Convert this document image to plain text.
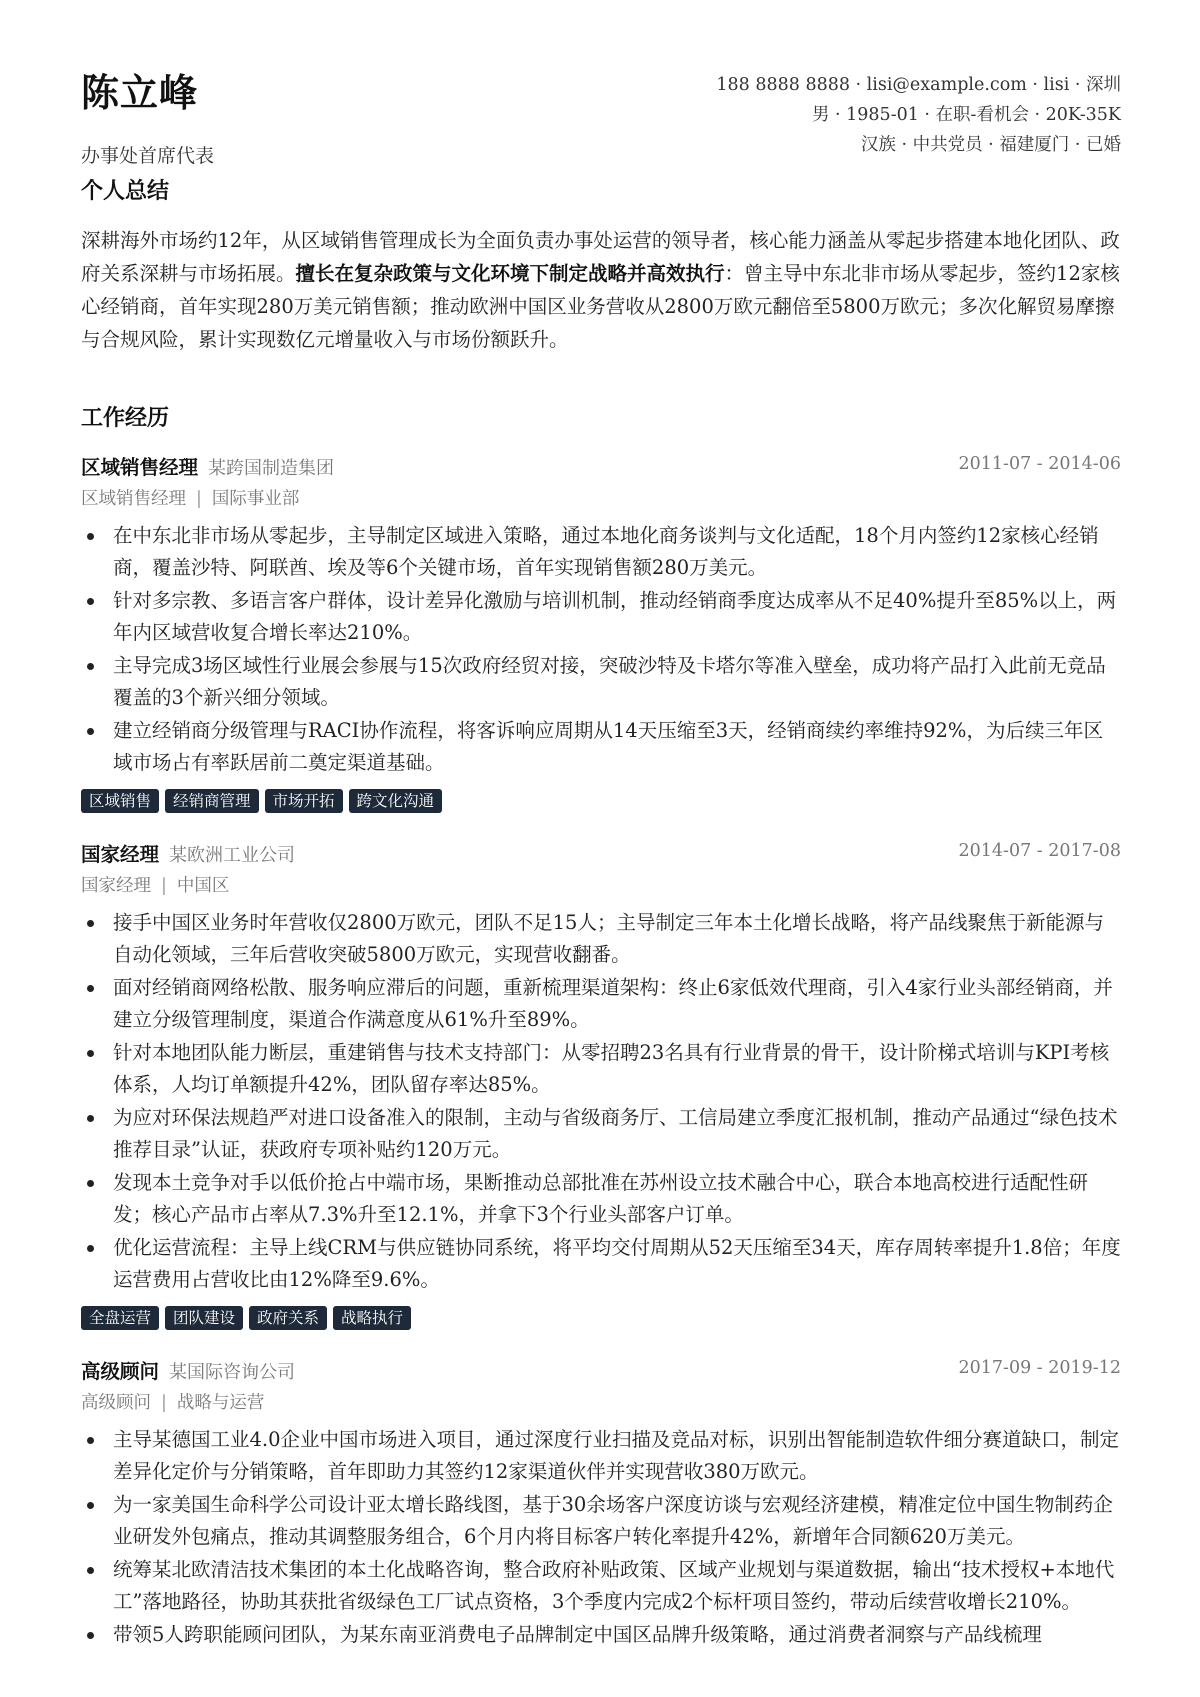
陈立峰
办事处首席代表
188 8888 8888 · lisi@example.com · lisi · 深圳
男 · 1985-01 · 在职-看机会 · 20K-35K
汉族 · 中共党员 · 福建厦门 · 已婚
个人总结

深耕海外市场约12年，从区域销售管理成长为全面负责办事处运营的领导者，核心能力涵盖从零起步搭建本地化团队、政府关系深耕与市场拓展。擅长在复杂政策与文化环境下制定战略并高效执行：曾主导中东北非市场从零起步，签约12家核心经销商，首年实现280万美元销售额；推动欧洲中国区业务营收从2800万欧元翻倍至5800万欧元；多次化解贸易摩擦与合规风险，累计实现数亿元增量收入与市场份额跃升。

工作经历
区域销售经理 某跨国制造集团	2011-07 - 2014-06
区域销售经理 | 国际事业部
在中东北非市场从零起步，主导制定区域进入策略，通过本地化商务谈判与文化适配，18个月内签约12家核心经销商，覆盖沙特、阿联酋、埃及等6个关键市场，首年实现销售额280万美元。
针对多宗教、多语言客户群体，设计差异化激励与培训机制，推动经销商季度达成率从不足40%提升至85%以上，两年内区域营收复合增长率达210%。
主导完成3场区域性行业展会参展与15次政府经贸对接，突破沙特及卡塔尔等准入壁垒，成功将产品打入此前无竞品覆盖的3个新兴细分领域。
建立经销商分级管理与RACI协作流程，将客诉响应周期从14天压缩至3天，经销商续约率维持92%，为后续三年区域市场占有率跃居前二奠定渠道基础。
区域销售	经销商管理	市场开拓	跨文化沟通
国家经理 某欧洲工业公司	2014-07 - 2017-08
国家经理 | 中国区
接手中国区业务时年营收仅2800万欧元，团队不足15人；主导制定三年本土化增长战略，将产品线聚焦于新能源与自动化领域，三年后营收突破5800万欧元，实现营收翻番。
面对经销商网络松散、服务响应滞后的问题，重新梳理渠道架构：终止6家低效代理商，引入4家行业头部经销商，并建立分级管理制度，渠道合作满意度从61%升至89%。
针对本地团队能力断层，重建销售与技术支持部门：从零招聘23名具有行业背景的骨干，设计阶梯式培训与KPI考核体系，人均订单额提升42%，团队留存率达85%。
为应对环保法规趋严对进口设备准入的限制，主动与省级商务厅、工信局建立季度汇报机制，推动产品通过“绿色技术推荐目录”认证，获政府专项补贴约120万元。
发现本土竞争对手以低价抢占中端市场，果断推动总部批准在苏州设立技术融合中心，联合本地高校进行适配性研发；核心产品市占率从7.3%升至12.1%，并拿下3个行业头部客户订单。
优化运营流程：主导上线CRM与供应链协同系统，将平均交付周期从52天压缩至34天，库存周转率提升1.8倍；年度运营费用占营收比由12%降至9.6%。
全盘运营	团队建设	政府关系	战略执行
高级顾问 某国际咨询公司	2017-09 - 2019-12
高级顾问 | 战略与运营
主导某德国工业4.0企业中国市场进入项目，通过深度行业扫描及竞品对标，识别出智能制造软件细分赛道缺口，制定差异化定价与分销策略，首年即助力其签约12家渠道伙伴并实现营收380万欧元。
为一家美国生命科学公司设计亚太增长路线图，基于30余场客户深度访谈与宏观经济建模，精准定位中国生物制药企业研发外包痛点，推动其调整服务组合，6个月内将目标客户转化率提升42%，新增年合同额620万美元。
统筹某北欧清洁技术集团的本土化战略咨询，整合政府补贴政策、区域产业规划与渠道数据，输出“技术授权+本地代工”落地路径，协助其获批省级绿色工厂试点资格，3个季度内完成2个标杆项目签约，带动后续营收增长210%。
带领5人跨职能顾问团队，为某东南亚消费电子品牌制定中国区品牌升级策略，通过消费者洞察与产品线梳理
